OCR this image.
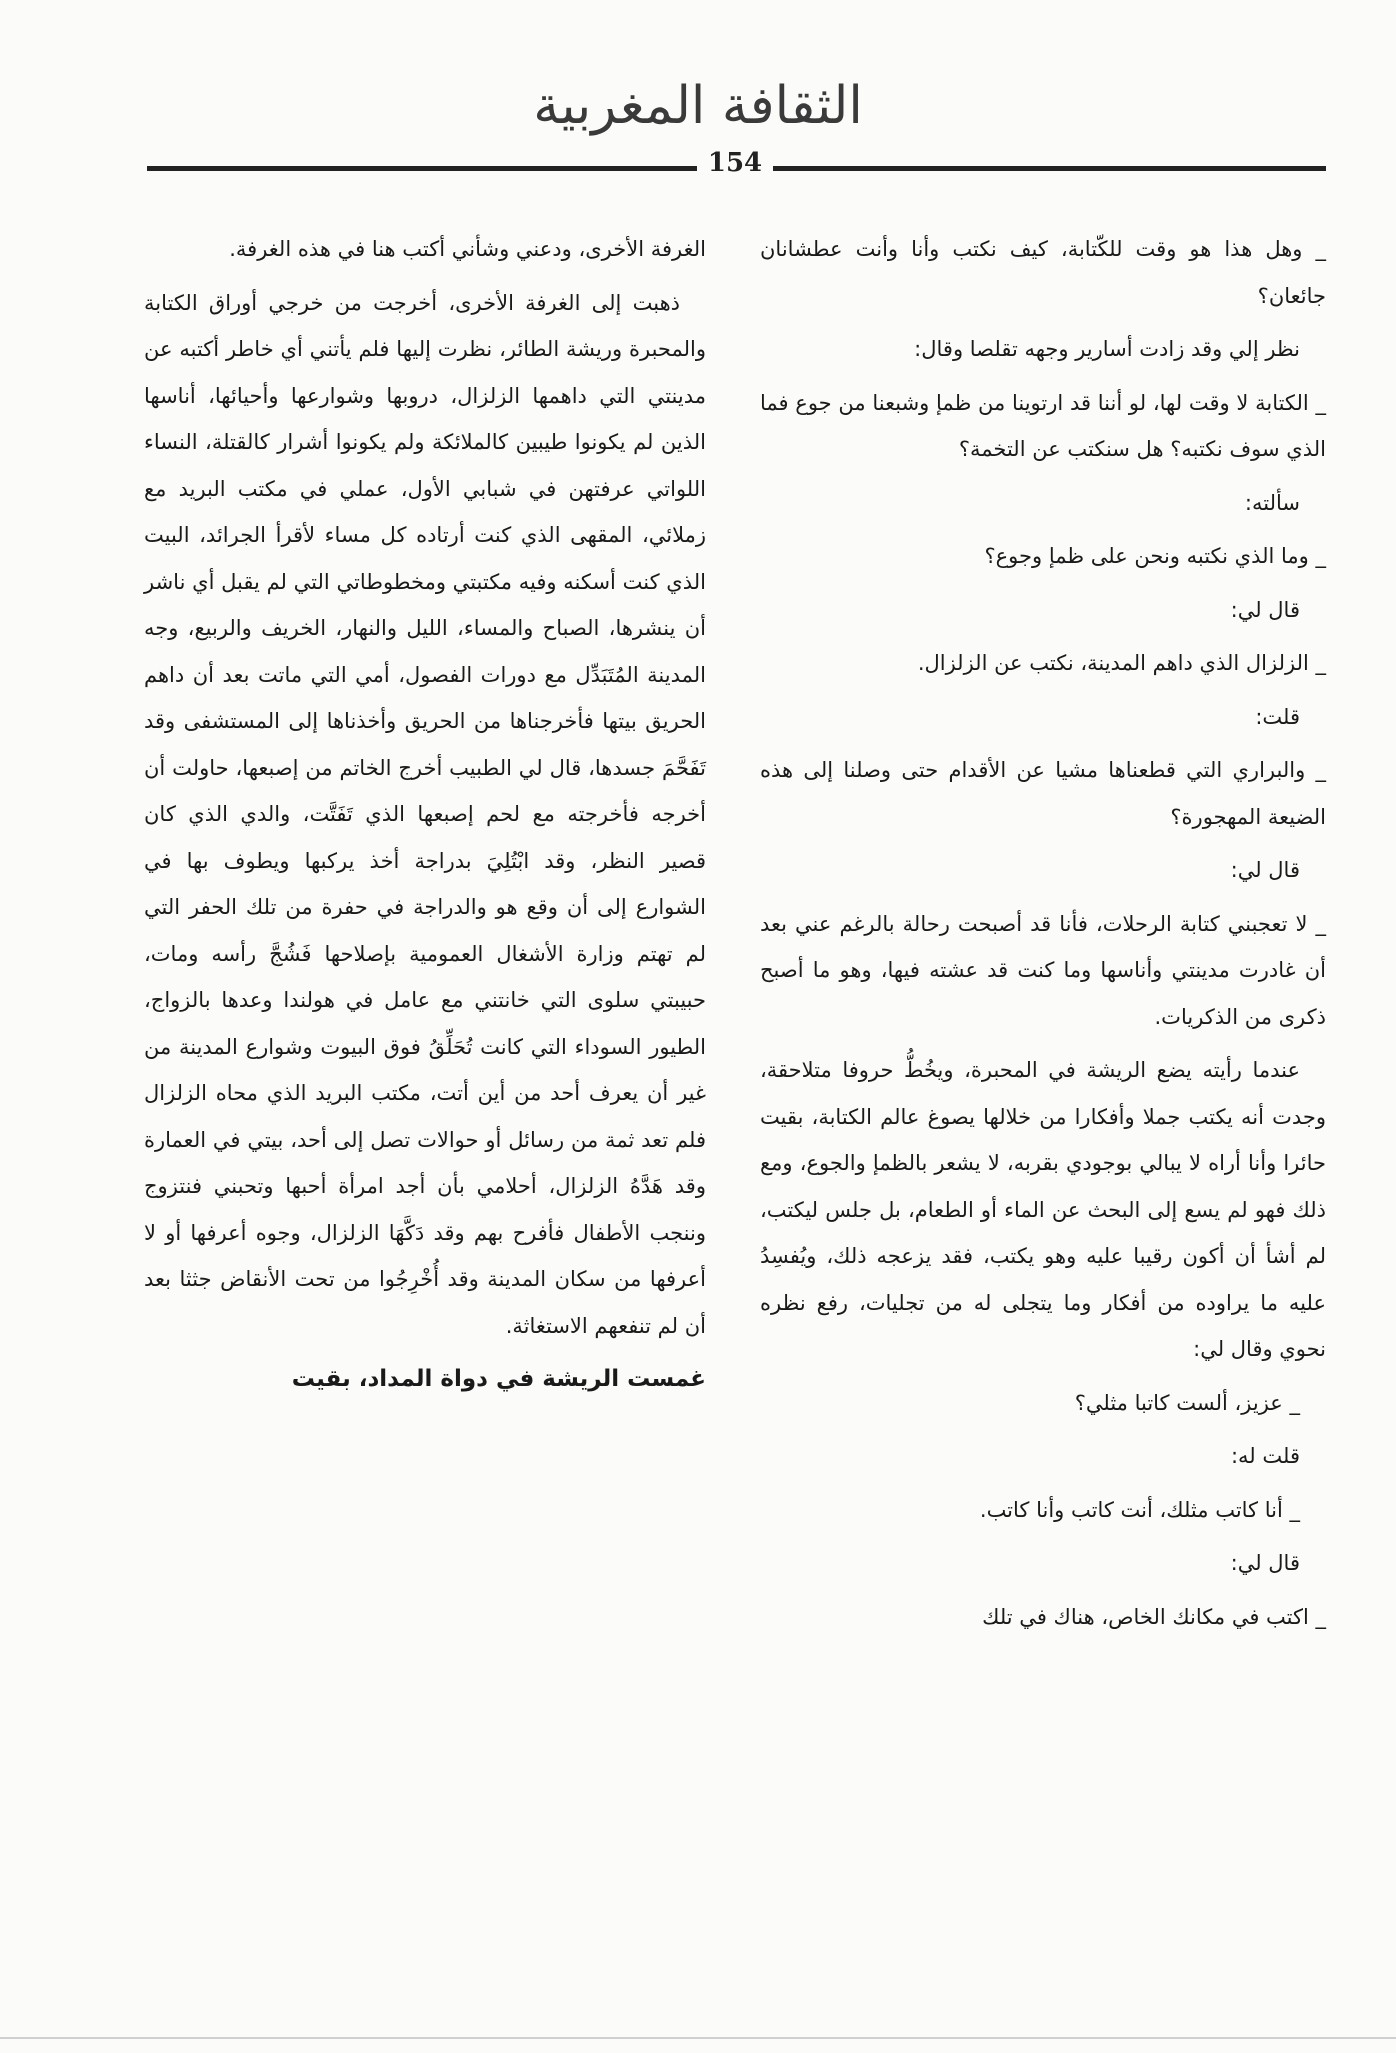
الثقافة المغربية
154

_ وهل هذا هو وقت للكّتابة، كيف نكتب وأنا وأنت عطشانان جائعان؟

نظر إلي وقد زادت أسارير وجهه تقلصا وقال:

_ الكتابة لا وقت لها، لو أننا قد ارتوينا من ظمإ وشبعنا من جوع فما الذي سوف نكتبه؟ هل سنكتب عن التخمة؟

سألته:

_ وما الذي نكتبه ونحن على ظمإ وجوع؟

قال لي:

_ الزلزال الذي داهم المدينة، نكتب عن الزلزال.

قلت:

_ والبراري التي قطعناها مشيا عن الأقدام حتى وصلنا إلى هذه الضيعة المهجورة؟

قال لي:

_ لا تعجبني كتابة الرحلات، فأنا قد أصبحت رحالة بالرغم عني بعد أن غادرت مدينتي وأناسها وما كنت قد عشته فيها، وهو ما أصبح ذكرى من الذكريات.

عندما رأيته يضع الريشة في المحبرة، ويخُطُّ حروفا متلاحقة، وجدت أنه يكتب جملا وأفكارا من خلالها يصوغ عالم الكتابة، بقيت حائرا وأنا أراه لا يبالي بوجودي بقربه، لا يشعر بالظمإ والجوع، ومع ذلك فهو لم يسع إلى البحث عن الماء أو الطعام، بل جلس ليكتب، لم أشأ أن أكون رقيبا عليه وهو يكتب، فقد يزعجه ذلك، ويُفسِدُ عليه ما يراوده من أفكار وما يتجلى له من تجليات، رفع نظره نحوي وقال لي:

_ عزيز، ألست كاتبا مثلي؟

قلت له:

_ أنا كاتب مثلك، أنت كاتب وأنا كاتب.

قال لي:

_ اكتب في مكانك الخاص، هناك في تلك

الغرفة الأخرى، ودعني وشأني أكتب هنا في هذه الغرفة.

ذهبت إلى الغرفة الأخرى، أخرجت من خرجي أوراق الكتابة والمحبرة وريشة الطائر، نظرت إليها فلم يأتني أي خاطر أكتبه عن مدينتي التي داهمها الزلزال، دروبها وشوارعها وأحيائها، أناسها الذين لم يكونوا طيبين كالملائكة ولم يكونوا أشرار كالقتلة، النساء اللواتي عرفتهن في شبابي الأول، عملي في مكتب البريد مع زملائي، المقهى الذي كنت أرتاده كل مساء لأقرأ الجرائد، البيت الذي كنت أسكنه وفيه مكتبتي ومخطوطاتي التي لم يقبل أي ناشر أن ينشرها، الصباح والمساء، الليل والنهار، الخريف والربيع، وجه المدينة المُتَبَدِّل مع دورات الفصول، أمي التي ماتت بعد أن داهم الحريق بيتها فأخرجناها من الحريق وأخذناها إلى المستشفى وقد تَفَحَّمَ جسدها، قال لي الطبيب أخرج الخاتم من إصبعها، حاولت أن أخرجه فأخرجته مع لحم إصبعها الذي تَفَتَّت، والدي الذي كان قصير النظر، وقد ابْتُلِيَ بدراجة أخذ يركبها ويطوف بها في الشوارع إلى أن وقع هو والدراجة في حفرة من تلك الحفر التي لم تهتم وزارة الأشغال العمومية بإصلاحها فَشُجَّ رأسه ومات، حبيبتي سلوى التي خانتني مع عامل في هولندا وعدها بالزواج، الطيور السوداء التي كانت تُحَلِّقُ فوق البيوت وشوارع المدينة من غير أن يعرف أحد من أين أتت، مكتب البريد الذي محاه الزلزال فلم تعد ثمة من رسائل أو حوالات تصل إلى أحد، بيتي في العمارة وقد هَدَّهُ الزلزال، أحلامي بأن أجد امرأة أحبها وتحبني فنتزوج وننجب الأطفال فأفرح بهم وقد دَكَّهَا الزلزال، وجوه أعرفها أو لا أعرفها من سكان المدينة وقد أُخْرِجُوا من تحت الأنقاض جثثا بعد أن لم تنفعهم الاستغاثة.

غمست الريشة في دواة المداد، بقيت
